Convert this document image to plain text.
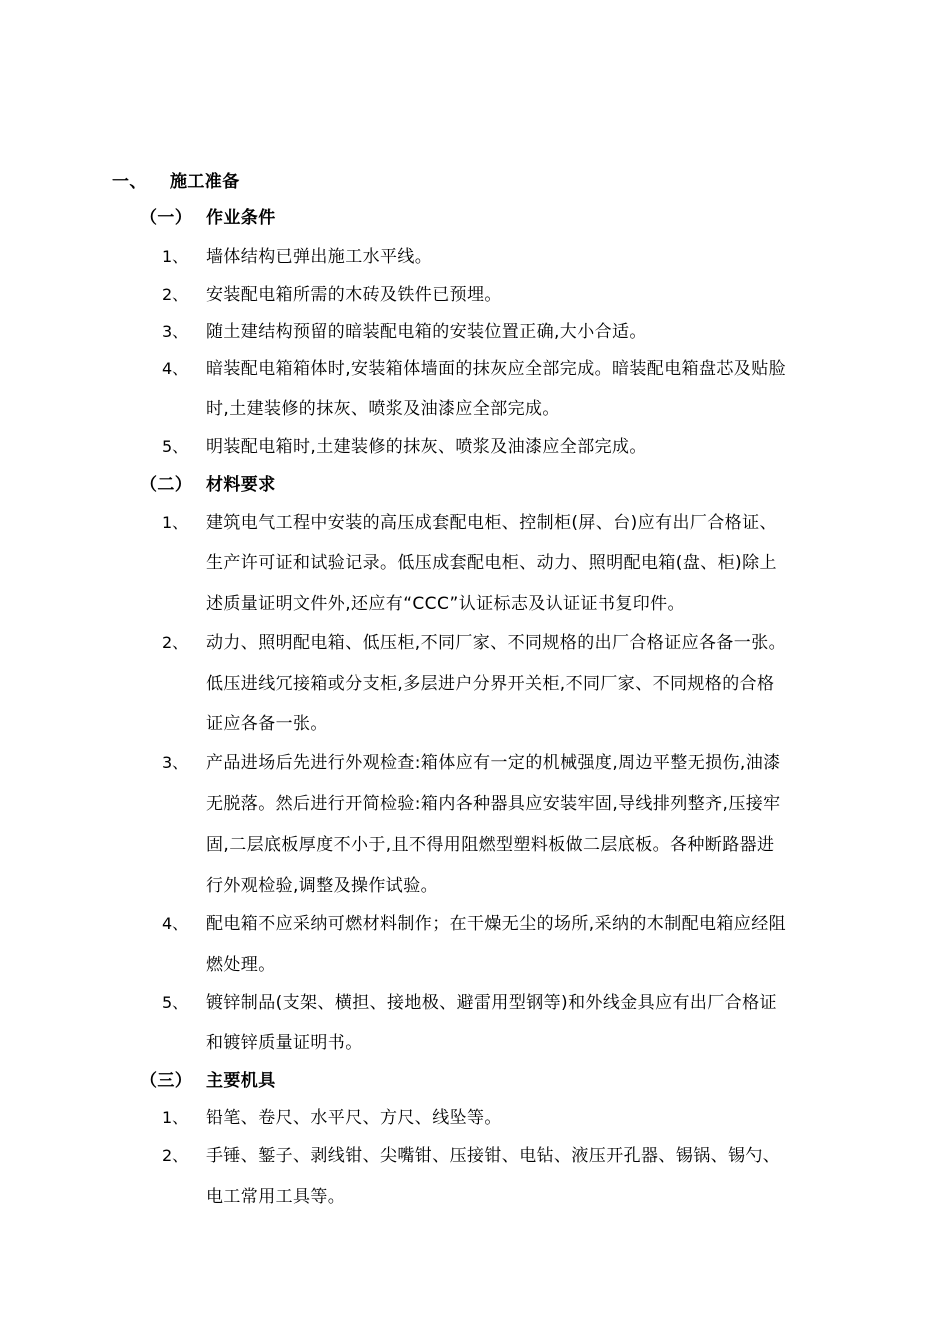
一、 施工准备
（一） 作业条件
1、 墙体结构已弹出施工水平线。
2、 安装配电箱所需的木砖及铁件已预埋。
3、 随土建结构预留的暗装配电箱的安装位置正确,大小合适。
4、 暗装配电箱箱体时,安装箱体墙面的抹灰应全部完成。暗装配电箱盘芯及贴脸
时,土建装修的抹灰、喷浆及油漆应全部完成。
5、 明装配电箱时,土建装修的抹灰、喷浆及油漆应全部完成。
（二） 材料要求
1、 建筑电气工程中安装的高压成套配电柜、控制柜(屏、台)应有出厂合格证、
生产许可证和试验记录。低压成套配电柜、动力、照明配电箱(盘、柜)除上
述质量证明文件外,还应有“CCC”认证标志及认证证书复印件。
2、 动力、照明配电箱、低压柜,不同厂家、不同规格的出厂合格证应各备一张。
低压进线冗接箱或分支柜,多层进户分界开关柜,不同厂家、不同规格的合格
证应各备一张。
3、 产品进场后先进行外观检查:箱体应有一定的机械强度,周边平整无损伤,油漆
无脱落。然后进行开简检验:箱内各种器具应安装牢固,导线排列整齐,压接牢
固,二层底板厚度不小于,且不得用阻燃型塑料板做二层底板。各种断路器进
行外观检验,调整及操作试验。
4、 配电箱不应采纳可燃材料制作；在干燥无尘的场所,采纳的木制配电箱应经阻
燃处理。
5、 镀锌制品(支架、横担、接地极、避雷用型钢等)和外线金具应有出厂合格证
和镀锌质量证明书。
（三） 主要机具
1、 铅笔、卷尺、水平尺、方尺、线坠等。
2、 手锤、錾子、剥线钳、尖嘴钳、压接钳、电钻、液压开孔器、锡锅、锡勺、
电工常用工具等。
